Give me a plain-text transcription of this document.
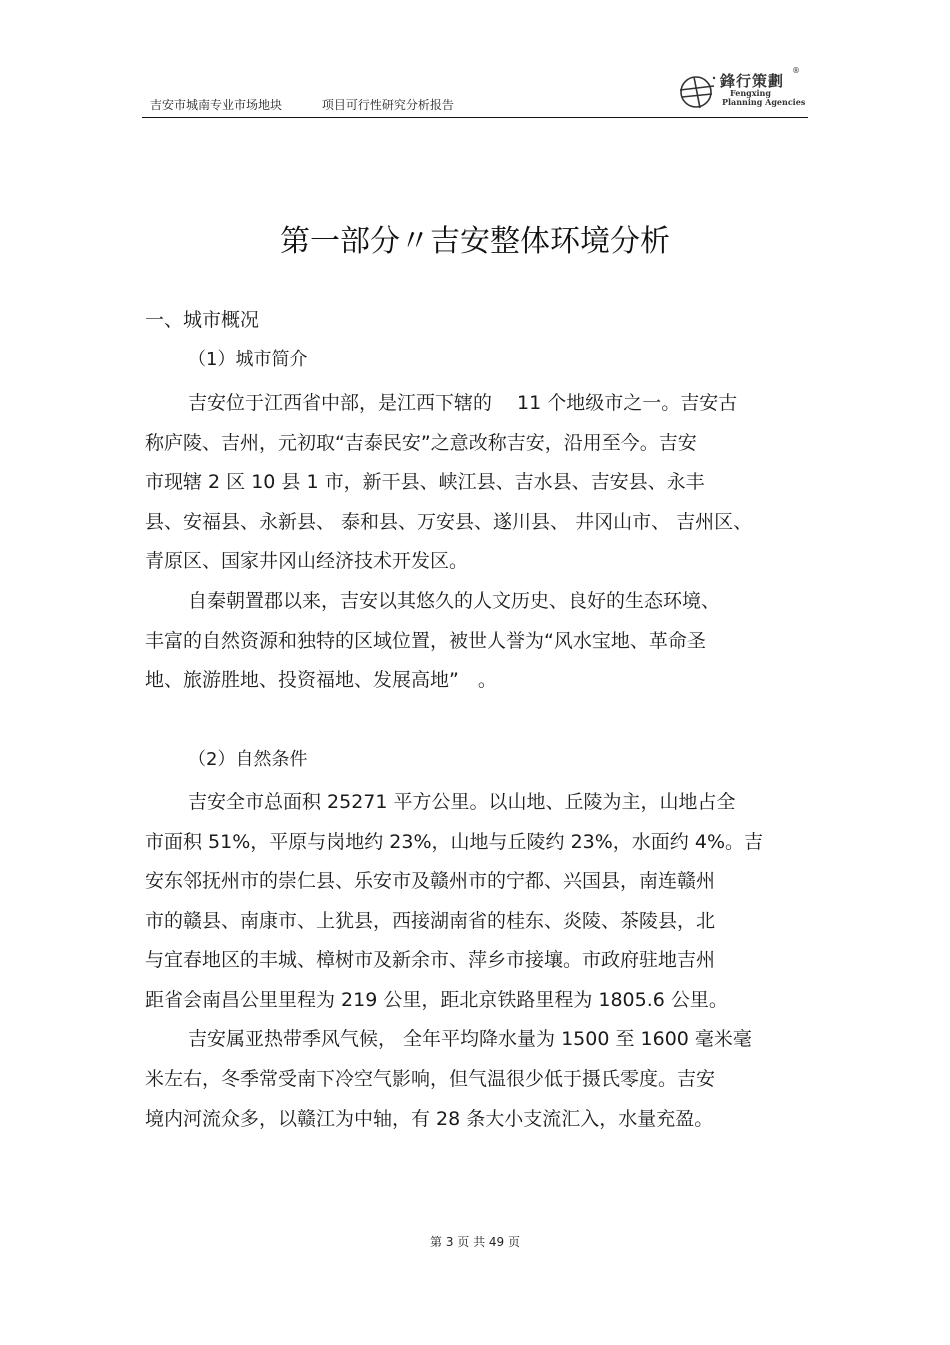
吉安市城南专业市场地块	项目可行性研究分析报告
鋒行策劃
®
Fengxing
Planning Agencies
第一部分〃吉安整体环境分析
一、城市概况
（1）城市简介
吉安位于江西省中部，是江西下辖的　 11 个地级市之一。吉安古
称庐陵、吉州，元初取“吉泰民安”之意改称吉安，沿用至今。吉安
市现辖 2 区 10 县 1 市，新干县、峡江县、吉水县、吉安县、永丰
县、安福县、永新县、 泰和县、万安县、遂川县、 井冈山市、 吉州区、
青原区、国家井冈山经济技术开发区。
自秦朝置郡以来，吉安以其悠久的人文历史、良好的生态环境、
丰富的自然资源和独特的区域位置，被世人誉为“风水宝地、革命圣
地、旅游胜地、投资福地、发展高地”　。
（2）自然条件
吉安全市总面积 25271 平方公里。以山地、丘陵为主，山地占全
市面积 51%，平原与岗地约 23%，山地与丘陵约 23%，水面约 4%。吉
安东邻抚州市的崇仁县、乐安市及赣州市的宁都、兴国县，南连赣州
市的赣县、南康市、上犹县，西接湖南省的桂东、炎陵、茶陵县，北
与宜春地区的丰城、樟树市及新余市、萍乡市接壤。市政府驻地吉州
距省会南昌公里里程为 219 公里，距北京铁路里程为 1805.6 公里。
吉安属亚热带季风气候， 全年平均降水量为 1500 至 1600 毫米毫
米左右，冬季常受南下冷空气影响，但气温很少低于摄氏零度。吉安
境内河流众多，以赣江为中轴，有 28 条大小支流汇入，水量充盈。
第 3 页 共 49 页
